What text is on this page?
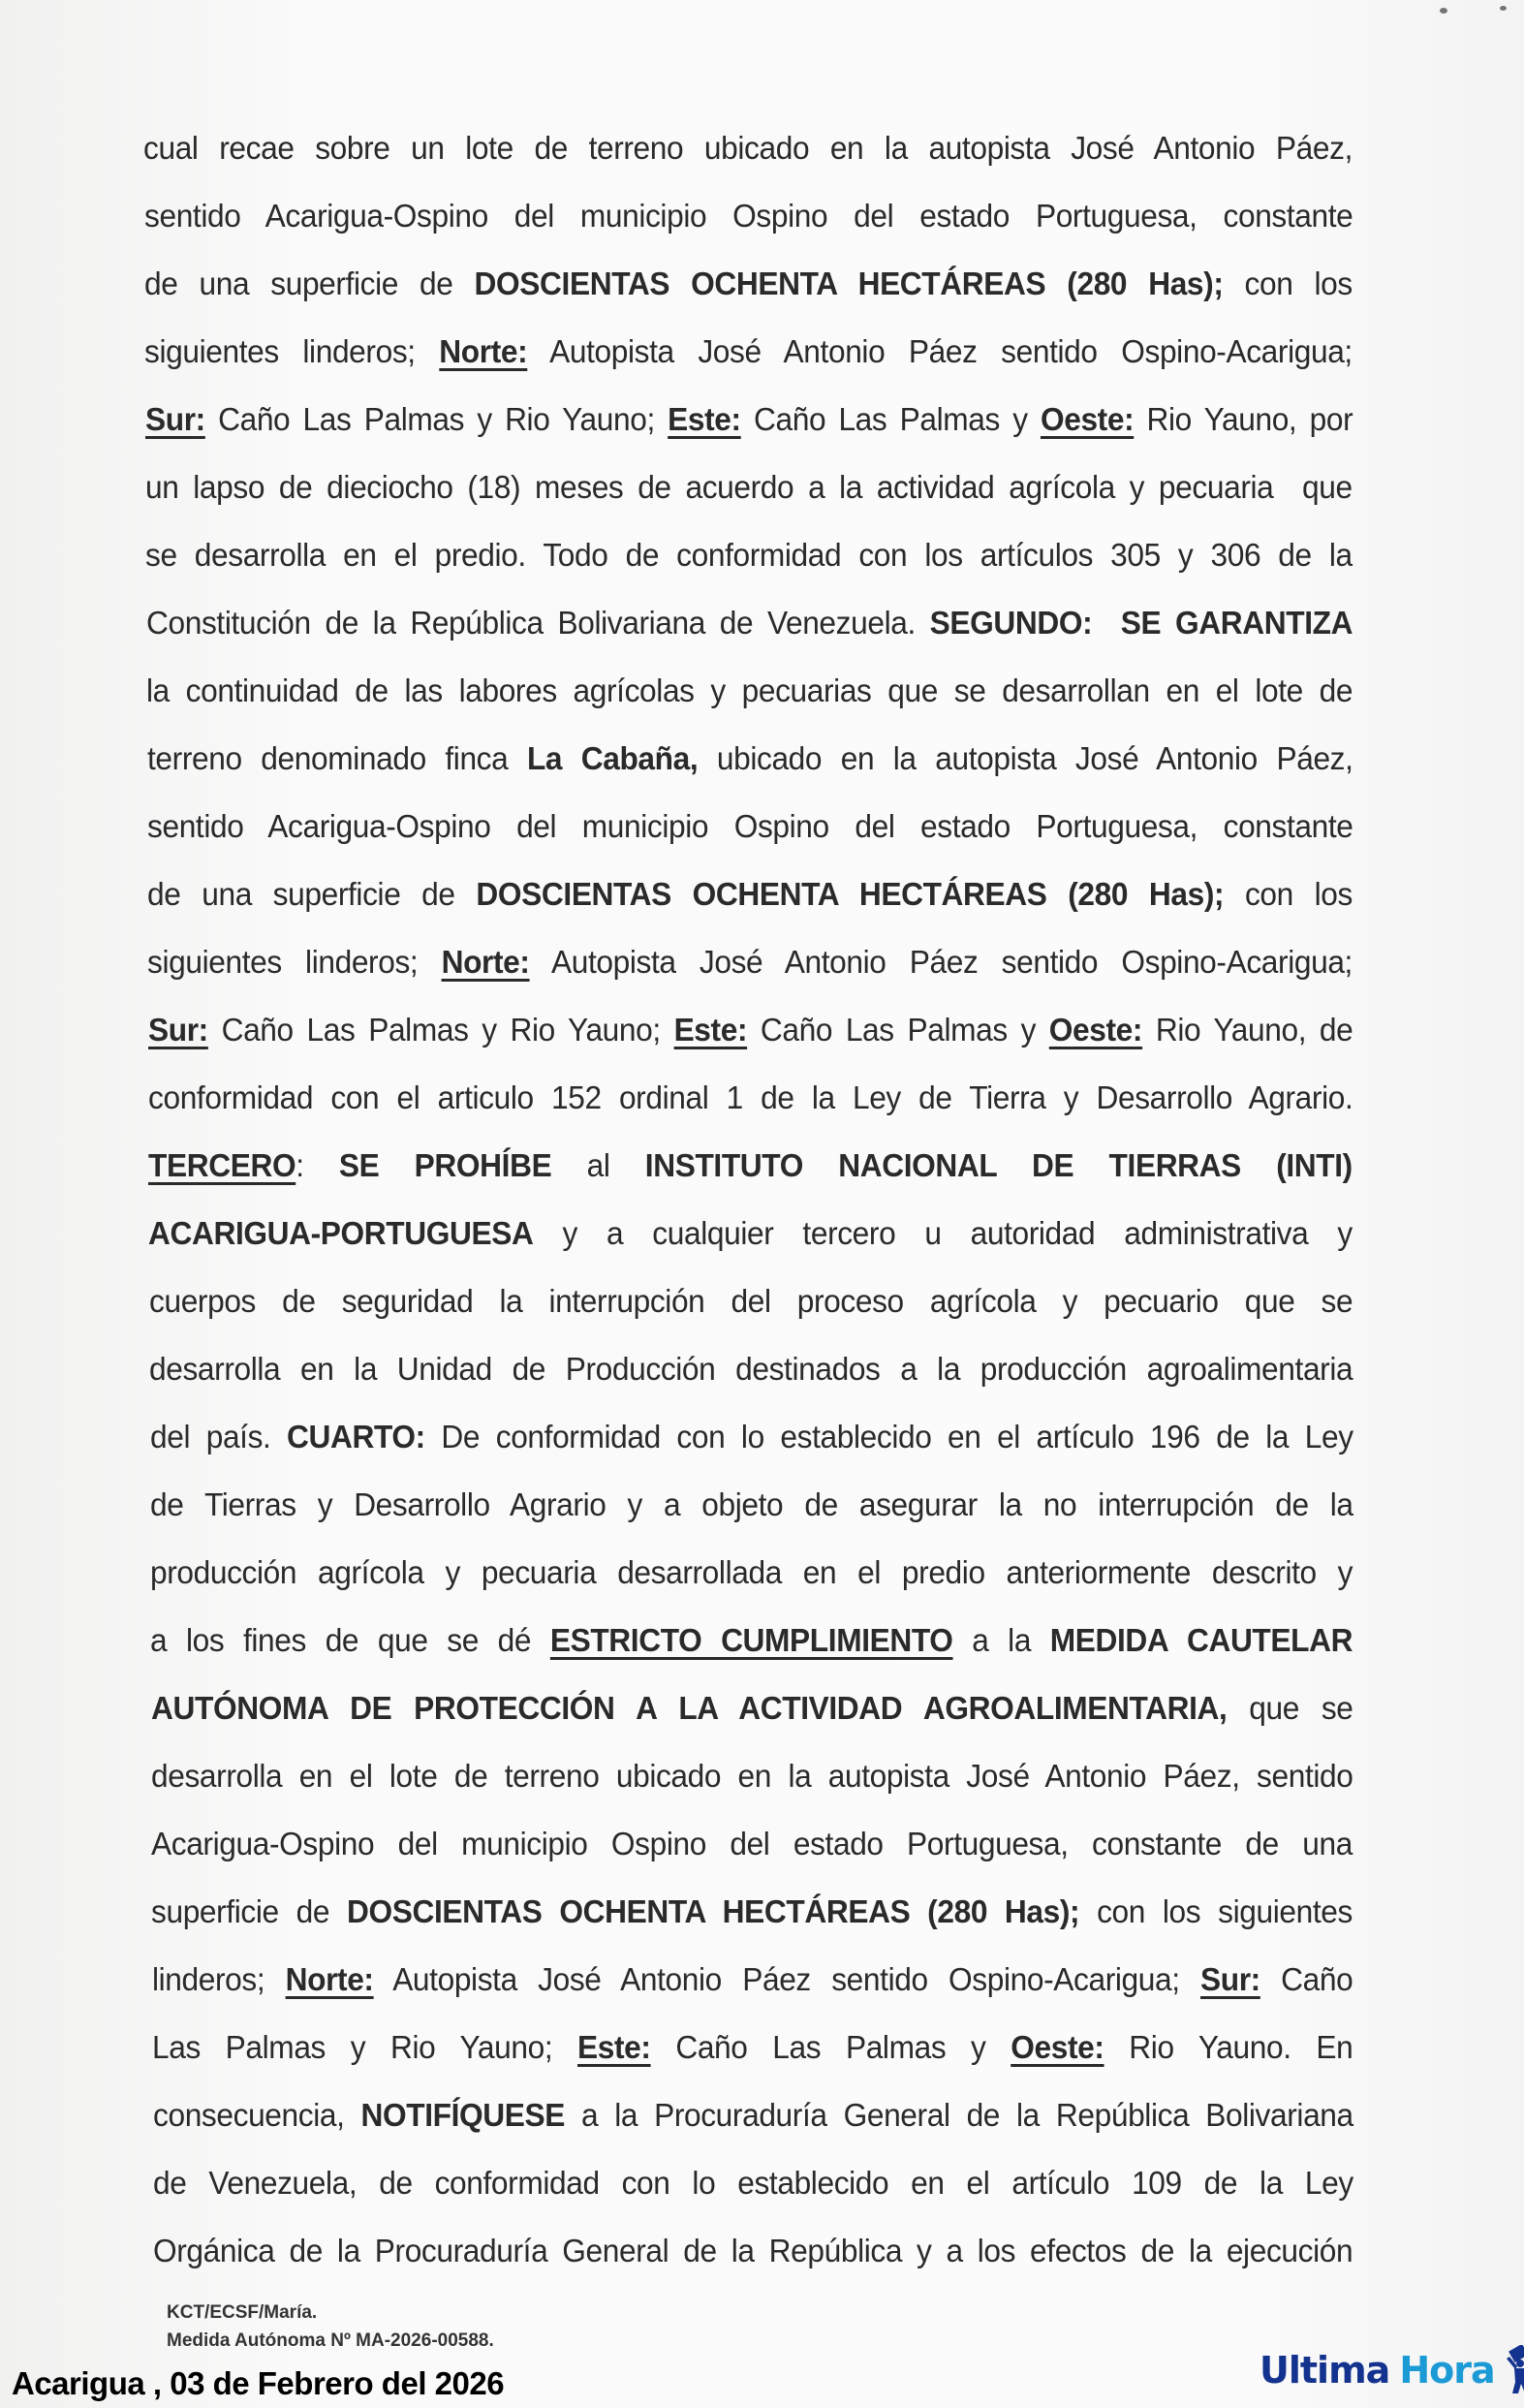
cual recae sobre un lote de terreno ubicado en la autopista José Antonio Páez,
sentido Acarigua-Ospino del municipio Ospino del estado Portuguesa, constante
de una superficie de DOSCIENTAS OCHENTA HECTÁREAS (280 Has); con los
siguientes linderos; Norte: Autopista José Antonio Páez sentido Ospino-Acarigua;
Sur: Caño Las Palmas y Rio Yauno; Este: Caño Las Palmas y Oeste: Rio Yauno, por
un lapso de dieciocho (18) meses de acuerdo a la actividad agrícola y pecuaria  que
se desarrolla en el predio. Todo de conformidad con los artículos 305 y 306 de la
Constitución de la República Bolivariana de Venezuela. SEGUNDO:  SE GARANTIZA
la continuidad de las labores agrícolas y pecuarias que se desarrollan en el lote de
terreno denominado finca La Cabaña, ubicado en la autopista José Antonio Páez,
sentido Acarigua-Ospino del municipio Ospino del estado Portuguesa, constante
de una superficie de DOSCIENTAS OCHENTA HECTÁREAS (280 Has); con los
siguientes linderos; Norte: Autopista José Antonio Páez sentido Ospino-Acarigua;
Sur: Caño Las Palmas y Rio Yauno; Este: Caño Las Palmas y Oeste: Rio Yauno, de
conformidad con el articulo 152 ordinal 1 de la Ley de Tierra y Desarrollo Agrario.
TERCERO: SE PROHÍBE al INSTITUTO NACIONAL DE TIERRAS (INTI)
ACARIGUA-PORTUGUESA y a cualquier tercero u autoridad administrativa y
cuerpos de seguridad la interrupción del proceso agrícola y pecuario que se
desarrolla en la Unidad de Producción destinados a la producción agroalimentaria
del país. CUARTO: De conformidad con lo establecido en el artículo 196 de la Ley
de Tierras y Desarrollo Agrario y a objeto de asegurar la no interrupción de la
producción agrícola y pecuaria desarrollada en el predio anteriormente descrito y
a los fines de que se dé ESTRICTO CUMPLIMIENTO a la MEDIDA CAUTELAR
AUTÓNOMA DE PROTECCIÓN A LA ACTIVIDAD AGROALIMENTARIA, que se
desarrolla en el lote de terreno ubicado en la autopista José Antonio Páez, sentido
Acarigua-Ospino del municipio Ospino del estado Portuguesa, constante de una
superficie de DOSCIENTAS OCHENTA HECTÁREAS (280 Has); con los siguientes
linderos; Norte: Autopista José Antonio Páez sentido Ospino-Acarigua; Sur: Caño
Las Palmas y Rio Yauno; Este: Caño Las Palmas y Oeste: Rio Yauno. En
consecuencia, NOTIFÍQUESE a la Procuraduría General de la República Bolivariana
de Venezuela, de conformidad con lo establecido en el artículo 109 de la Ley
Orgánica de la Procuraduría General de la República y a los efectos de la ejecución
KCT/ECSF/María.
Medida Autónoma Nº MA-2026-00588.
Acarigua , 03 de Febrero del 2026	Ultima Hora
